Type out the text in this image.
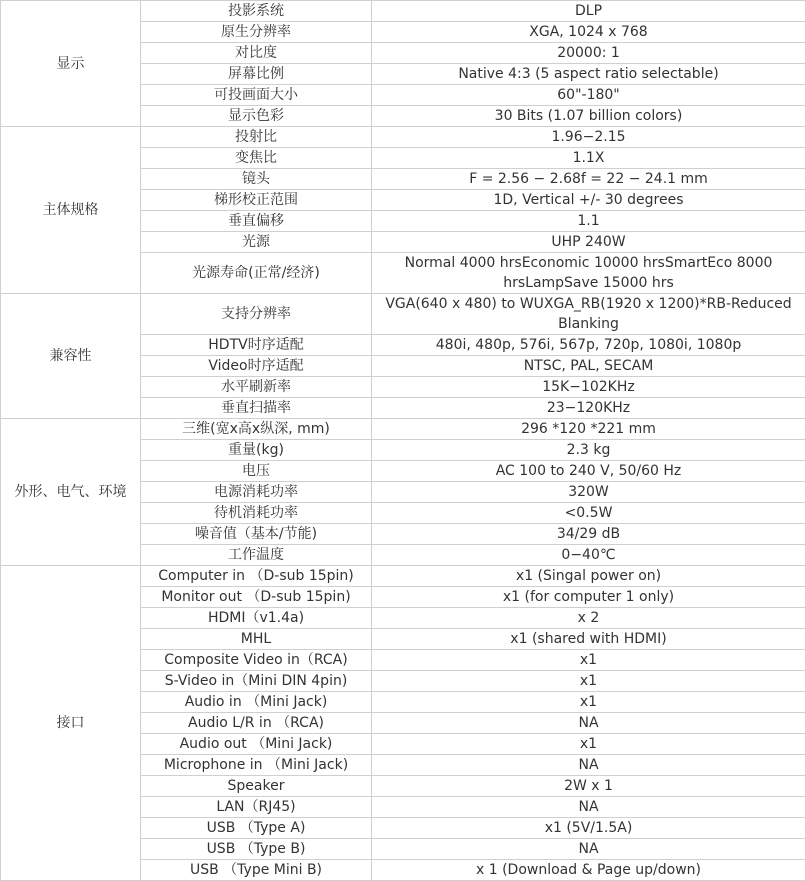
显示	投影系统	DLP
	原生分辨率	XGA, 1024 x 768
	对比度	20000: 1
	屏幕比例	Native 4:3 (5 aspect ratio selectable)
	可投画面大小	60"-180"
	显示色彩	30 Bits (1.07 billion colors)
主体规格	投射比	1.96−2.15
	变焦比	1.1X
	镜头	F = 2.56 − 2.68f = 22 − 24.1 mm
	梯形校正范围	1D, Vertical +/- 30 degrees
	垂直偏移	1.1
	光源	UHP 240W
	光源寿命(正常/经济)	Normal 4000 hrsEconomic 10000 hrsSmartEco 8000 hrsLampSave 15000 hrs
兼容性	支持分辨率	VGA(640 x 480) to WUXGA_RB(1920 x 1200)*RB-Reduced Blanking
	HDTV时序适配	480i, 480p, 576i, 567p, 720p, 1080i, 1080p
	Video时序适配	NTSC, PAL, SECAM
	水平刷新率	15K−102KHz
	垂直扫描率	23−120KHz
外形、电气、环境	三维(宽x高x纵深, mm)	296 *120 *221 mm
	重量(kg)	2.3 kg
	电压	AC 100 to 240 V, 50/60 Hz
	电源消耗功率	320W
	待机消耗功率	<0.5W
	噪音值（基本/节能)	34/29 dB
	工作温度	0−40℃
接口	Computer in （D-sub 15pin)	x1 (Singal power on)
	Monitor out （D-sub 15pin)	x1 (for computer 1 only)
	HDMI（v1.4a)	x 2
	MHL	x1 (shared with HDMI)
	Composite Video in（RCA)	x1
	S-Video in（Mini DIN 4pin)	x1
	Audio in （Mini Jack)	x1
	Audio L/R in （RCA)	NA
	Audio out （Mini Jack)	x1
	Microphone in （Mini Jack)	NA
	Speaker	2W x 1
	LAN（RJ45)	NA
	USB （Type A)	x1 (5V/1.5A)
	USB （Type B)	NA
	USB （Type Mini B)	x 1 (Download & Page up/down)
